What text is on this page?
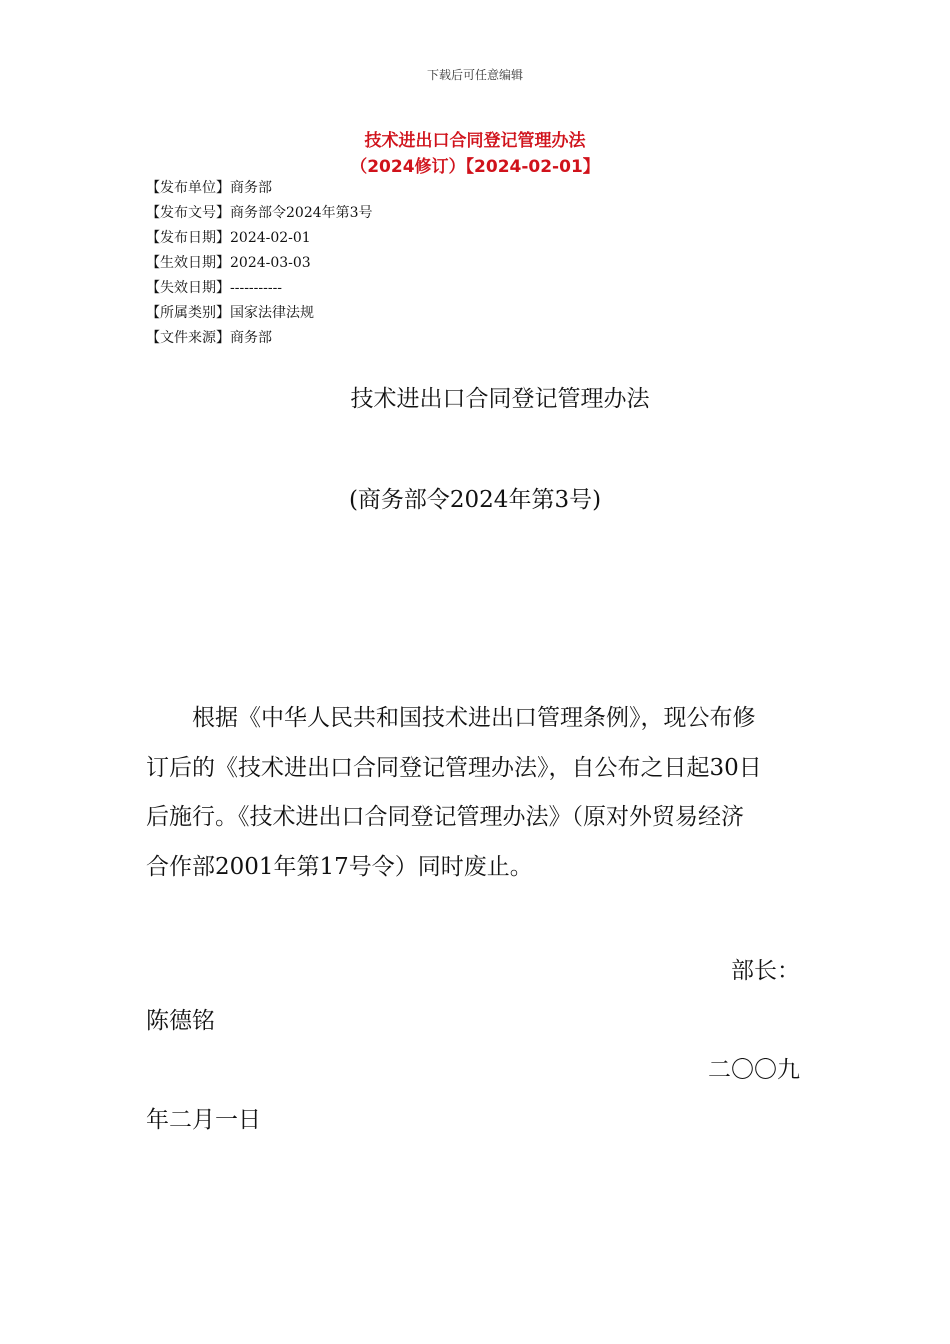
下载后可任意编辑
技术进出口合同登记管理办法
（2024修订）【2024-02-01】
【发布单位】商务部
【发布文号】商务部令2024年第3号
【发布日期】2024-02-01
【生效日期】2024-03-03
【失效日期】-----------
【所属类别】国家法律法规
【文件来源】商务部
技术进出口合同登记管理办法
(商务部令2024年第3号)
　　根据《中华人民共和国技术进出口管理条例》，现公布修
订后的《技术进出口合同登记管理办法》，自公布之日起30日
后施行。《技术进出口合同登记管理办法》（原对外贸易经济
合作部2001年第17号令）同时废止。
部长：
陈德铭
二〇〇九
年二月一日
